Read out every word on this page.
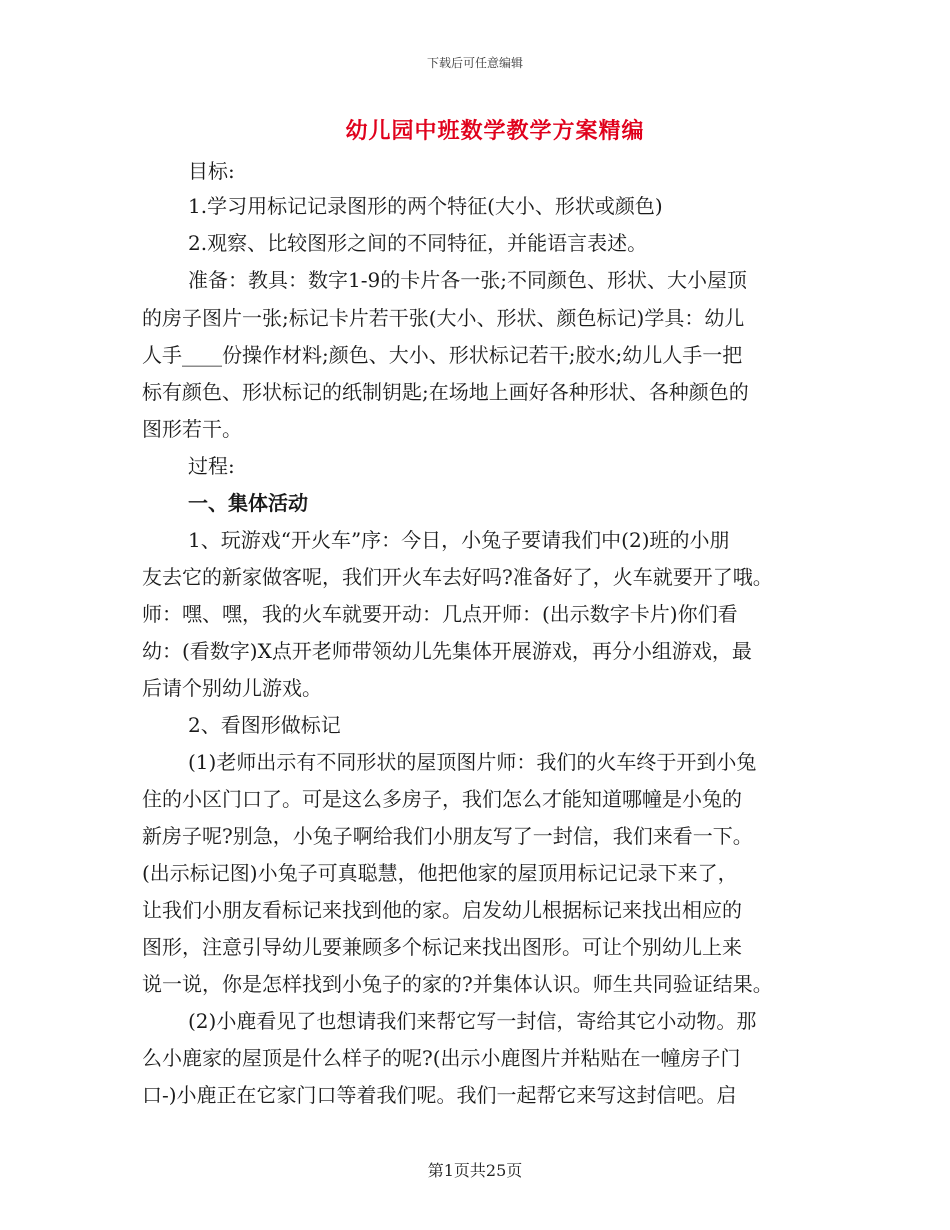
下载后可任意编辑
幼儿园中班数学教学方案精编
目标:
1.学习用标记记录图形的两个特征(大小、形状或颜色)
2.观察、比较图形之间的不同特征，并能语言表述。
准备：教具：数字1-9的卡片各一张;不同颜色、形状、大小屋顶
的房子图片一张;标记卡片若干张(大小、形状、颜色标记)学具：幼儿
人手____份操作材料;颜色、大小、形状标记若干;胶水;幼儿人手一把
标有颜色、形状标记的纸制钥匙;在场地上画好各种形状、各种颜色的
图形若干。
过程:
一、集体活动
1、玩游戏“开火车”序：今日，小兔子要请我们中(2)班的小朋
友去它的新家做客呢，我们开火车去好吗?准备好了，火车就要开了哦。
师：嘿、嘿，我的火车就要开动：几点开师：(出示数字卡片)你们看
幼：(看数字)X点开老师带领幼儿先集体开展游戏，再分小组游戏，最
后请个别幼儿游戏。
2、看图形做标记
(1)老师出示有不同形状的屋顶图片师：我们的火车终于开到小兔
住的小区门口了。可是这么多房子，我们怎么才能知道哪幢是小兔的
新房子呢?别急，小兔子啊给我们小朋友写了一封信，我们来看一下。
(出示标记图)小兔子可真聪慧，他把他家的屋顶用标记记录下来了，
让我们小朋友看标记来找到他的家。启发幼儿根据标记来找出相应的
图形，注意引导幼儿要兼顾多个标记来找出图形。可让个别幼儿上来
说一说，你是怎样找到小兔子的家的?并集体认识。师生共同验证结果。
(2)小鹿看见了也想请我们来帮它写一封信，寄给其它小动物。那
么小鹿家的屋顶是什么样子的呢?(出示小鹿图片并粘贴在一幢房子门
口-)小鹿正在它家门口等着我们呢。我们一起帮它来写这封信吧。启
第1页共25页
